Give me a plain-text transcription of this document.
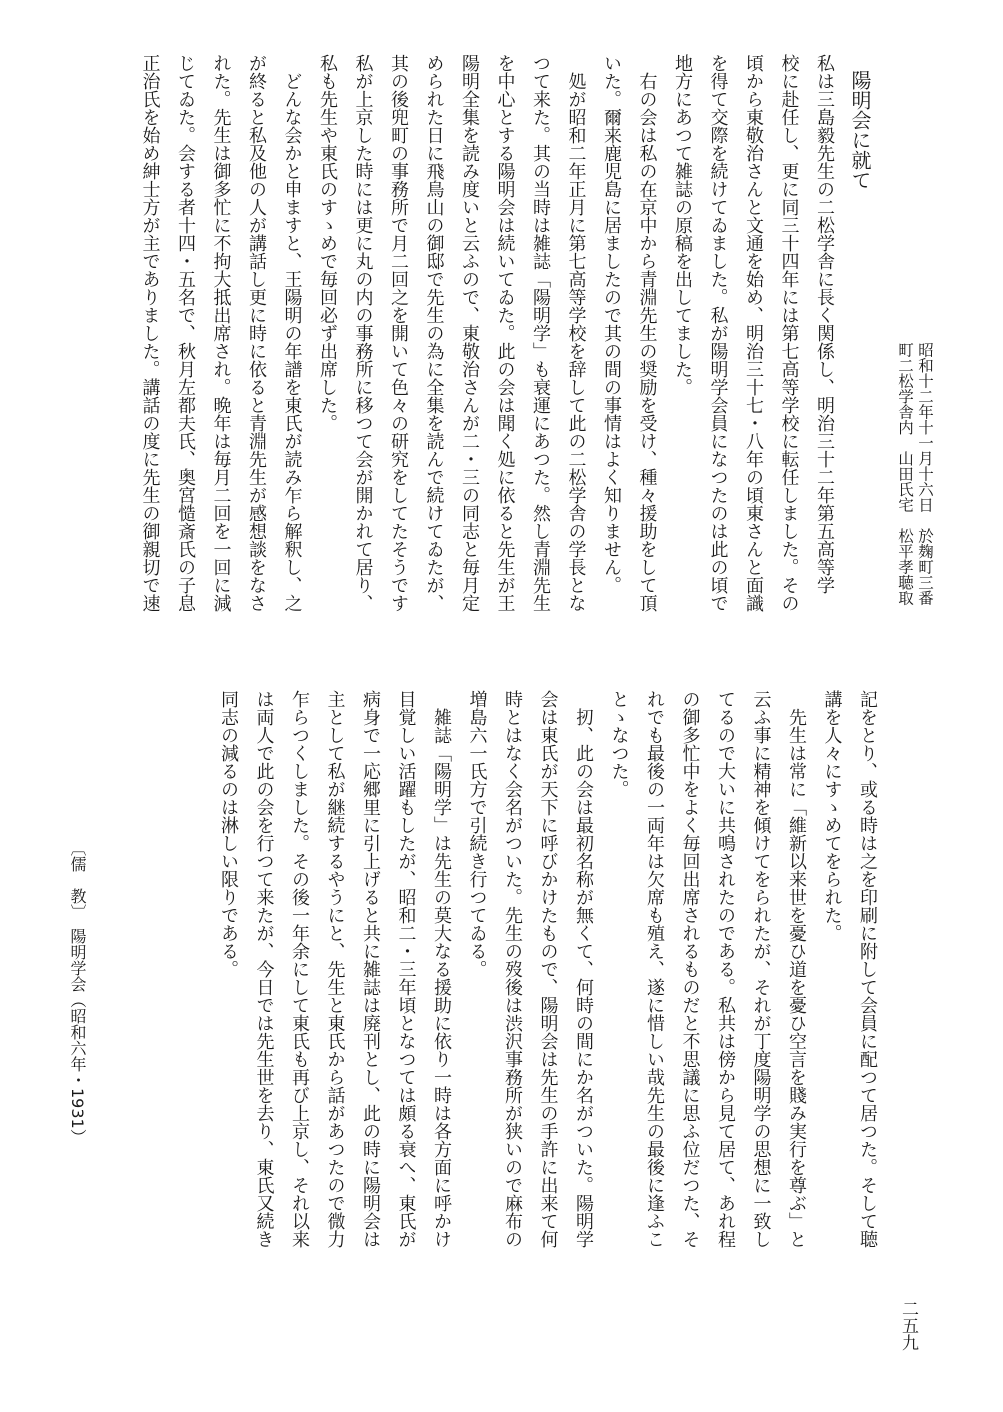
陽明会に就て
昭和十二年十一月十六日　於麹町三番
町二松学舎内　山田氏宅　松平孝聴取
私は三島毅先生の二松学舎に長く関係し、明治三十二年第五高等学
校に赴任し、更に同三十四年には第七高等学校に転任しました。その
頃から東敬治さんと文通を始め、明治三十七・八年の頃東さんと面識
を得て交際を続けてゐました。私が陽明学会員になつたのは此の頃で
地方にあつて雑誌の原稿を出してました。
右の会は私の在京中から青淵先生の奨励を受け、種々援助をして頂
いた。爾来鹿児島に居ましたので其の間の事情はよく知りません。
処が昭和二年正月に第七高等学校を辞して此の二松学舎の学長とな
つて来た。其の当時は雑誌「陽明学」も衰運にあつた。然し青淵先生
を中心とする陽明会は続いてゐた。此の会は聞く処に依ると先生が王
陽明全集を読み度いと云ふので、東敬治さんが二・三の同志と毎月定
められた日に飛鳥山の御邸で先生の為に全集を読んで続けてゐたが、
其の後兜町の事務所で月二回之を開いて色々の研究をしてたそうです
私が上京した時には更に丸の内の事務所に移つて会が開かれて居り、
私も先生や東氏のすゝめで毎回必ず出席した。
どんな会かと申ますと、王陽明の年譜を東氏が読み乍ら解釈し、之
が終ると私及他の人が講話し更に時に依ると青淵先生が感想談をなさ
れた。先生は御多忙に不拘大抵出席され。晩年は毎月二回を一回に減
じてゐた。会する者十四・五名で、秋月左都夫氏、奥宮慥斎氏の子息
正治氏を始め紳士方が主でありました。講話の度に先生の御親切で速
記をとり、或る時は之を印刷に附して会員に配つて居つた。そして聴
講を人々にすゝめてをられた。
先生は常に「維新以来世を憂ひ道を憂ひ空言を賤み実行を尊ぶ」と
云ふ事に精神を傾けてをられたが、それが丁度陽明学の思想に一致し
てるので大いに共鳴されたのである。私共は傍から見て居て、あれ程
の御多忙中をよく毎回出席されるものだと不思議に思ふ位だつた、そ
れでも最後の一両年は欠席も殖え、遂に惜しい哉先生の最後に逢ふこ
とゝなつた。
扨、此の会は最初名称が無くて、何時の間にか名がついた。陽明学
会は東氏が天下に呼びかけたもので、陽明会は先生の手許に出来て何
時とはなく会名がついた。先生の歿後は渋沢事務所が狭いので麻布の
増島六一氏方で引続き行つてゐる。
雑誌「陽明学」は先生の莫大なる援助に依り一時は各方面に呼かけ
目覚しい活躍もしたが、昭和二・三年頃となつては頗る衰へ、東氏が
病身で一応郷里に引上げると共に雑誌は廃刊とし、此の時に陽明会は
主として私が継続するやうにと、先生と東氏から話があつたので微力
乍らつくしました。その後一年余にして東氏も再び上京し、それ以来
は両人で此の会を行つて来たが、今日では先生世を去り、東氏又続き
同志の減るのは淋しい限りである。
〔儒　教〕　陽明学会（昭和六年・1931）
二五九
